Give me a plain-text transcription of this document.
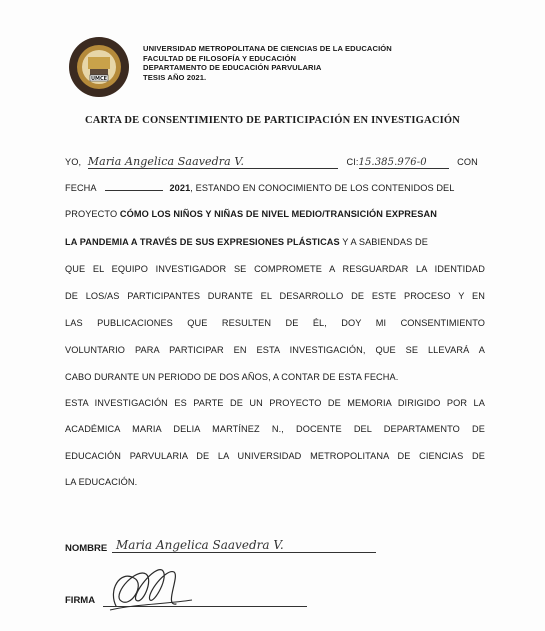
UMCE
UNIVERSIDAD METROPOLITANA DE CIENCIAS DE LA EDUCACIÓN
FACULTAD DE FILOSOFÍA Y EDUCACIÓN
DEPARTAMENTO DE EDUCACIÓN PARVULARIA
TESIS AÑO 2021.
CARTA DE CONSENTIMIENTO DE PARTICIPACIÓN EN INVESTIGACIÓN
YO, Maria Angelica Saavedra V.	CI:15.385.976-0	CON
FECHA	2021, ESTANDO EN CONOCIMIENTO DE LOS CONTENIDOS DEL
PROYECTO CÓMO LOS NIÑOS Y NIÑAS DE NIVEL MEDIO/TRANSICIÓN EXPRESAN
LA PANDEMIA A TRAVÉS DE SUS EXPRESIONES PLÁSTICAS Y A SABIENDAS DE
QUE EL EQUIPO INVESTIGADOR SE COMPROMETE A RESGUARDAR LA IDENTIDAD
DE LOS/AS PARTICIPANTES DURANTE EL DESARROLLO DE ESTE PROCESO Y EN
LAS PUBLICACIONES QUE RESULTEN DE ÉL, DOY MI CONSENTIMIENTO
VOLUNTARIO PARA PARTICIPAR EN ESTA INVESTIGACIÓN, QUE SE LLEVARÁ A
CABO DURANTE UN PERIODO DE DOS AÑOS, A CONTAR DE ESTA FECHA.
ESTA INVESTIGACIÓN ES PARTE DE UN PROYECTO DE MEMORIA DIRIGIDO POR LA
ACADÉMICA MARIA DELIA MARTÍNEZ N., DOCENTE DEL DEPARTAMENTO DE
EDUCACIÓN PARVULARIA DE LA UNIVERSIDAD METROPOLITANA DE CIENCIAS DE
LA EDUCACIÓN.
NOMBRE Maria Angelica Saavedra V.
FIRMA
